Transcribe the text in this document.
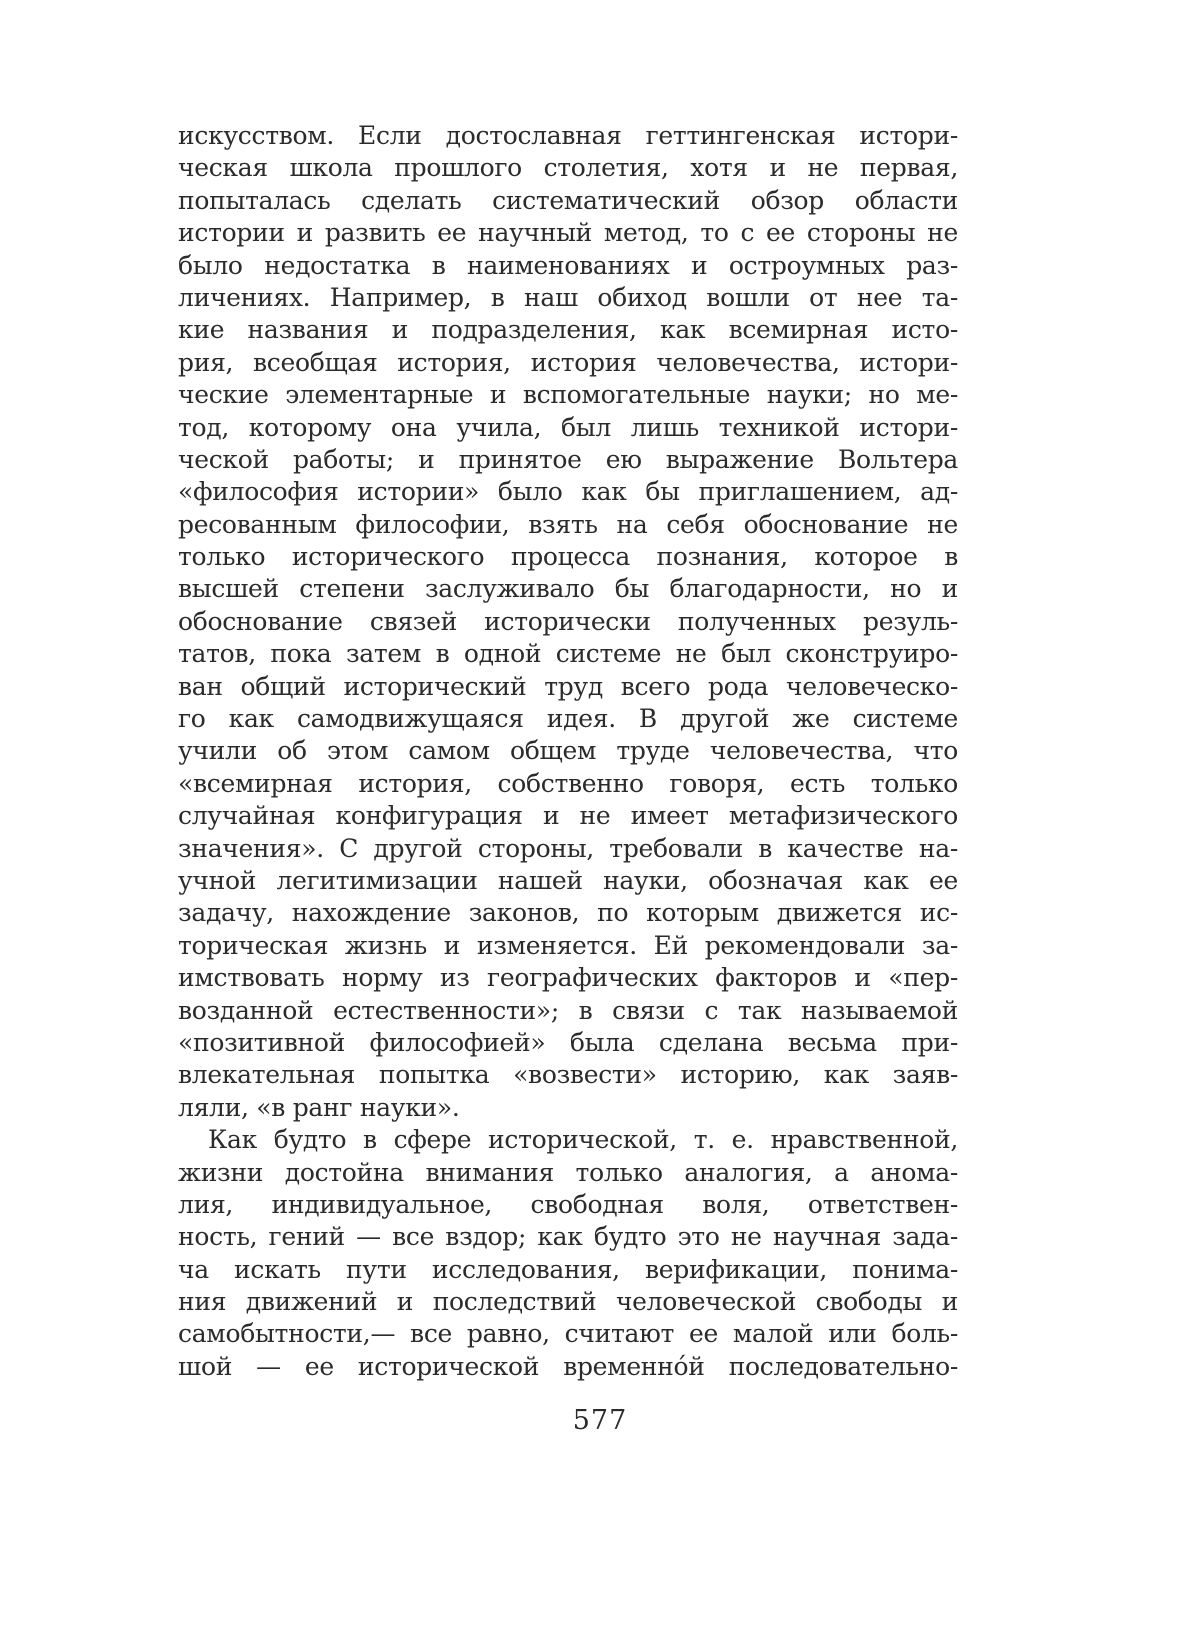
искусством. Если достославная геттингенская истори-
ческая школа прошлого столетия, хотя и не первая,
попыталась сделать систематический обзор области
истории и развить ее научный метод, то с ее стороны не
было недостатка в наименованиях и остроумных раз-
личениях. Например, в наш обиход вошли от нее та-
кие названия и подразделения, как всемирная исто-
рия, всеобщая история, история человечества, истори-
ческие элементарные и вспомогательные науки; но ме-
тод, которому она учила, был лишь техникой истори-
ческой работы; и принятое ею выражение Вольтера
«философия истории» было как бы приглашением, ад-
ресованным философии, взять на себя обоснование не
только исторического процесса познания, которое в
высшей степени заслуживало бы благодарности, но и
обоснование связей исторически полученных резуль-
татов, пока затем в одной системе не был сконструиро-
ван общий исторический труд всего рода человеческо-
го как самодвижущаяся идея. В другой же системе
учили об этом самом общем труде человечества, что
«всемирная история, собственно говоря, есть только
случайная конфигурация и не имеет метафизического
значения». С другой стороны, требовали в качестве на-
учной легитимизации нашей науки, обозначая как ее
задачу, нахождение законов, по которым движется ис-
торическая жизнь и изменяется. Ей рекомендовали за-
имствовать норму из географических факторов и «пер-
возданной естественности»; в связи с так называемой
«позитивной философией» была сделана весьма при-
влекательная попытка «возвести» историю, как заяв-
ляли, «в ранг науки».
Как будто в сфере исторической, т. е. нравственной,
жизни достойна внимания только аналогия, а анома-
лия, индивидуальное, свободная воля, ответствен-
ность, гений — все вздор; как будто это не научная зада-
ча искать пути исследования, верификации, понима-
ния движений и последствий человеческой свободы и
самобытности,— все равно, считают ее малой или боль-
шой — ее исторической временно́й последовательно-
577
